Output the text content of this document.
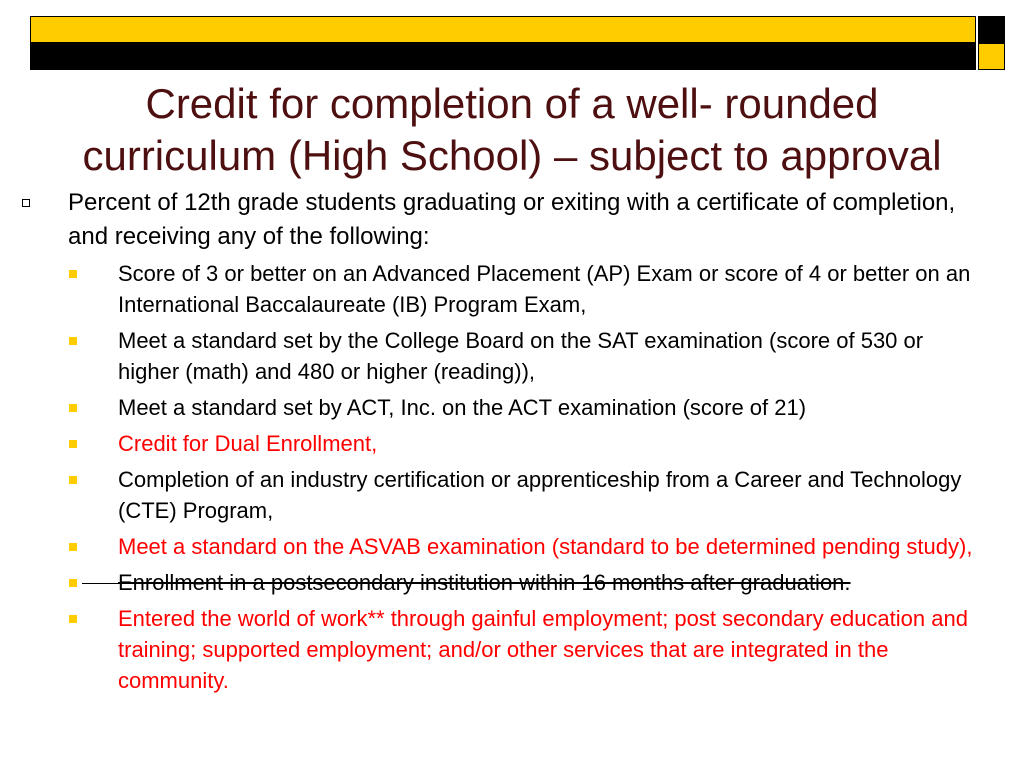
Credit for completion of a well- rounded
curriculum (High School) – subject to approval
Percent of 12th grade students graduating or exiting with a certificate of completion, and receiving any of the following:
Score of 3 or better on an Advanced Placement (AP) Exam or score of 4 or better on an International Baccalaureate (IB) Program Exam,
Meet a standard set by the College Board on the SAT examination (score of 530 or higher (math) and 480 or higher (reading)),
Meet a standard set by ACT, Inc. on the ACT examination (score of 21)
Credit for Dual Enrollment,
Completion of an industry certification or apprenticeship from a Career and Technology (CTE) Program,
Meet a standard on the ASVAB examination (standard to be determined pending study),
Enrollment in a postsecondary institution within 16 months after graduation.
Entered the world of work** through gainful employment; post secondary education and training; supported employment; and/or other services that are integrated in the community.
